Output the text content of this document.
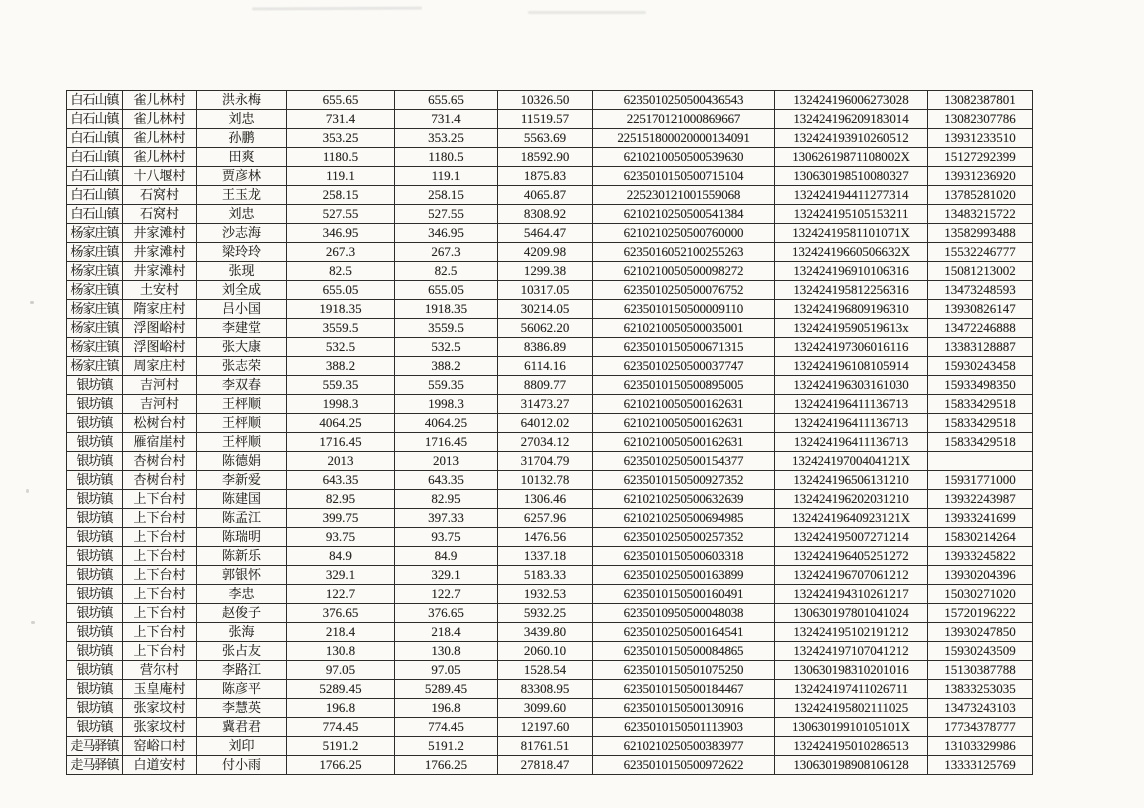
白石山镇	雀儿林村	洪永梅	655.65	655.65	10326.50	6235010250500436543	132424196006273028	13082387801
白石山镇	雀儿林村	刘忠	731.4	731.4	11519.57	225170121000869667	132424196209183014	13082307786
白石山镇	雀儿林村	孙鹏	353.25	353.25	5563.69	225151800020000134091	132424193910260512	13931233510
白石山镇	雀儿林村	田爽	1180.5	1180.5	18592.90	6210210050500539630	13062619871108002X	15127292399
白石山镇	十八堰村	贾彦林	119.1	119.1	1875.83	6235010150500715104	130630198510080327	13931236920
白石山镇	石窝村	王玉龙	258.15	258.15	4065.87	225230121001559068	132424194411277314	13785281020
白石山镇	石窝村	刘忠	527.55	527.55	8308.92	6210210250500541384	132424195105153211	13483215722
杨家庄镇	井家滩村	沙志海	346.95	346.95	5464.47	6210210250500760000	13242419581101071X	13582993488
杨家庄镇	井家滩村	梁玲玲	267.3	267.3	4209.98	6235016052100255263	13242419660506632X	15532246777
杨家庄镇	井家滩村	张现	82.5	82.5	1299.38	6210210050500098272	132424196910106316	15081213002
杨家庄镇	土安村	刘全成	655.05	655.05	10317.05	6235010250500076752	132424195812256316	13473248593
杨家庄镇	隋家庄村	吕小国	1918.35	1918.35	30214.05	6235010150500009110	132424196809196310	13930826147
杨家庄镇	浮图峪村	李建堂	3559.5	3559.5	56062.20	6210210050500035001	13242419590519613x	13472246888
杨家庄镇	浮图峪村	张大康	532.5	532.5	8386.89	6235010150500671315	132424197306016116	13383128887
杨家庄镇	周家庄村	张志荣	388.2	388.2	6114.16	6235010250500037747	132424196108105914	15930243458
银坊镇	吉河村	李双春	559.35	559.35	8809.77	6235010150500895005	132424196303161030	15933498350
银坊镇	吉河村	王枰顺	1998.3	1998.3	31473.27	6210210050500162631	132424196411136713	15833429518
银坊镇	松树台村	王枰顺	4064.25	4064.25	64012.02	6210210050500162631	132424196411136713	15833429518
银坊镇	雁宿崖村	王枰顺	1716.45	1716.45	27034.12	6210210050500162631	132424196411136713	15833429518
银坊镇	杏树台村	陈德娟	2013	2013	31704.79	6235010250500154377	13242419700404121X	
银坊镇	杏树台村	李新爱	643.35	643.35	10132.78	6235010150500927352	132424196506131210	15931771000
银坊镇	上下台村	陈建国	82.95	82.95	1306.46	6210210250500632639	132424196202031210	13932243987
银坊镇	上下台村	陈孟江	399.75	397.33	6257.96	6210210250500694985	13242419640923121X	13933241699
银坊镇	上下台村	陈瑞明	93.75	93.75	1476.56	6235010250500257352	132424195007271214	15830214264
银坊镇	上下台村	陈新乐	84.9	84.9	1337.18	6235010150500603318	132424196405251272	13933245822
银坊镇	上下台村	郭银怀	329.1	329.1	5183.33	6235010250500163899	132424196707061212	13930204396
银坊镇	上下台村	李忠	122.7	122.7	1932.53	6235010150500160491	132424194310261217	15030271020
银坊镇	上下台村	赵俊子	376.65	376.65	5932.25	6235010950500048038	130630197801041024	15720196222
银坊镇	上下台村	张海	218.4	218.4	3439.80	6235010250500164541	132424195102191212	13930247850
银坊镇	上下台村	张占友	130.8	130.8	2060.10	6235010150500084865	132424197107041212	15930243509
银坊镇	营尔村	李路江	97.05	97.05	1528.54	6235010150501075250	130630198310201016	15130387788
银坊镇	玉皇庵村	陈彦平	5289.45	5289.45	83308.95	6235010150500184467	132424197411026711	13833253035
银坊镇	张家坟村	李慧英	196.8	196.8	3099.60	6235010150500130916	132424195802111025	13473243103
银坊镇	张家坟村	冀君君	774.45	774.45	12197.60	6235010150501113903	13063019910105101X	17734378777
走马驿镇	窑峪口村	刘印	5191.2	5191.2	81761.51	6210210250500383977	132424195010286513	13103329986
走马驿镇	白道安村	付小雨	1766.25	1766.25	27818.47	6235010150500972622	130630198908106128	13333125769
